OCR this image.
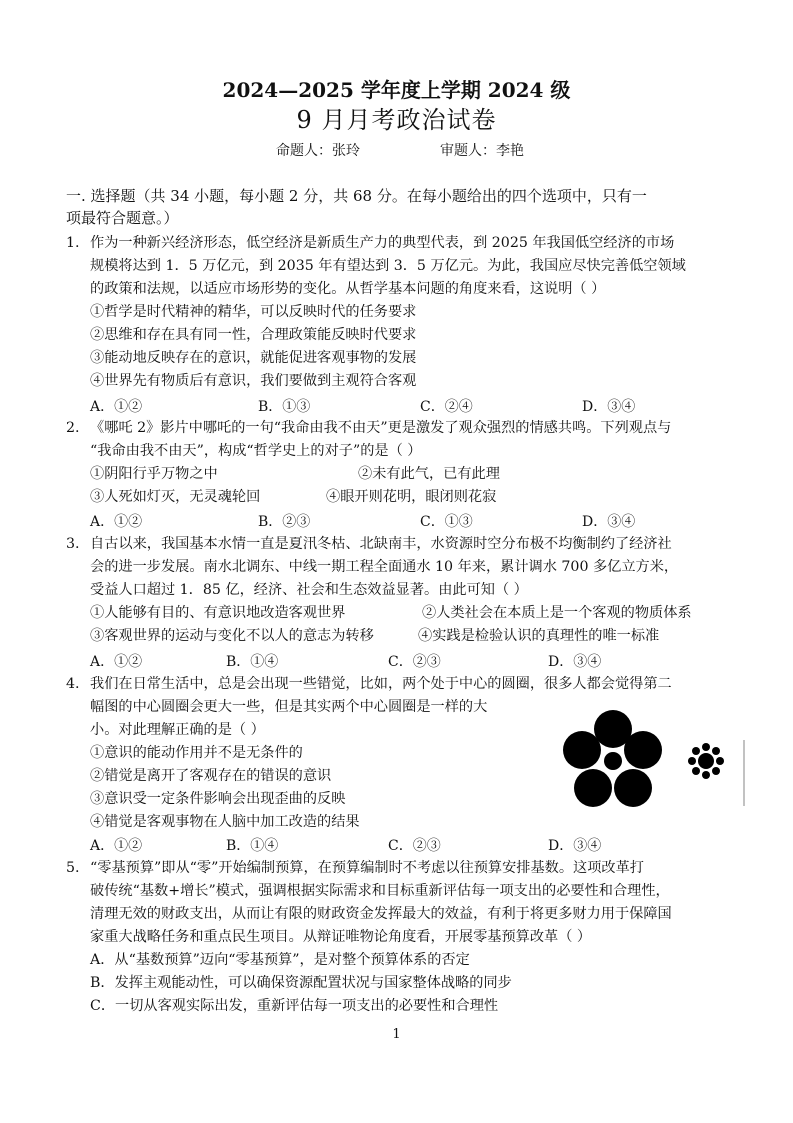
2024—2025 学年度上学期 2024 级
9 月月考政治试卷
命题人：张玲	审题人：李艳
一. 选择题（共 34 小题，每小题 2 分，共 68 分。在每小题给出的四个选项中，只有一
项最符合题意。）
1. 作为一种新兴经济形态，低空经济是新质生产力的典型代表，到 2025 年我国低空经济的市场
规模将达到 1．5 万亿元，到 2035 年有望达到 3．5 万亿元。为此，我国应尽快完善低空领域
的政策和法规，以适应市场形势的变化。从哲学基本问题的角度来看，这说明（ ）
①哲学是时代精神的精华，可以反映时代的任务要求
②思维和存在具有同一性，合理政策能反映时代要求
③能动地反映存在的意识，就能促进客观事物的发展
④世界先有物质后有意识，我们要做到主观符合客观
A．①②	B．①③	C．②④	D．③④
2. 《哪吒 2》影片中哪吒的一句“我命由我不由天”更是激发了观众强烈的情感共鸣。下列观点与
“我命由我不由天”，构成“哲学史上的对子”的是（ ）
①阴阳行乎万物之中	②未有此气，已有此理
③人死如灯灭，无灵魂轮回	④眼开则花明，眼闭则花寂
A．①②	B．②③	C．①③	D．③④
3. 自古以来，我国基本水情一直是夏汛冬枯、北缺南丰，水资源时空分布极不均衡制约了经济社
会的进一步发展。南水北调东、中线一期工程全面通水 10 年来，累计调水 700 多亿立方米，
受益人口超过 1．85 亿，经济、社会和生态效益显著。由此可知（ ）
①人能够有目的、有意识地改造客观世界	②人类社会在本质上是一个客观的物质体系
③客观世界的运动与变化不以人的意志为转移	④实践是检验认识的真理性的唯一标准
A．①②	B．①④	C．②③	D．③④
4. 我们在日常生活中，总是会出现一些错觉，比如，两个处于中心的圆圈，很多人都会觉得第二
幅图的中心圆圈会更大一些，但是其实两个中心圆圈是一样的大
小。对此理解正确的是（ ）
①意识的能动作用并不是无条件的
②错觉是离开了客观存在的错误的意识
③意识受一定条件影响会出现歪曲的反映
④错觉是客观事物在人脑中加工改造的结果
A．①②	B．①④	C．②③	D．③④
5. “零基预算”即从“零”开始编制预算，在预算编制时不考虑以往预算安排基数。这项改革打
破传统“基数+增长”模式，强调根据实际需求和目标重新评估每一项支出的必要性和合理性，
清理无效的财政支出，从而让有限的财政资金发挥最大的效益，有利于将更多财力用于保障国
家重大战略任务和重点民生项目。从辩证唯物论角度看，开展零基预算改革（ ）
A．从“基数预算”迈向“零基预算”，是对整个预算体系的否定
B．发挥主观能动性，可以确保资源配置状况与国家整体战略的同步
C．一切从客观实际出发，重新评估每一项支出的必要性和合理性
1
